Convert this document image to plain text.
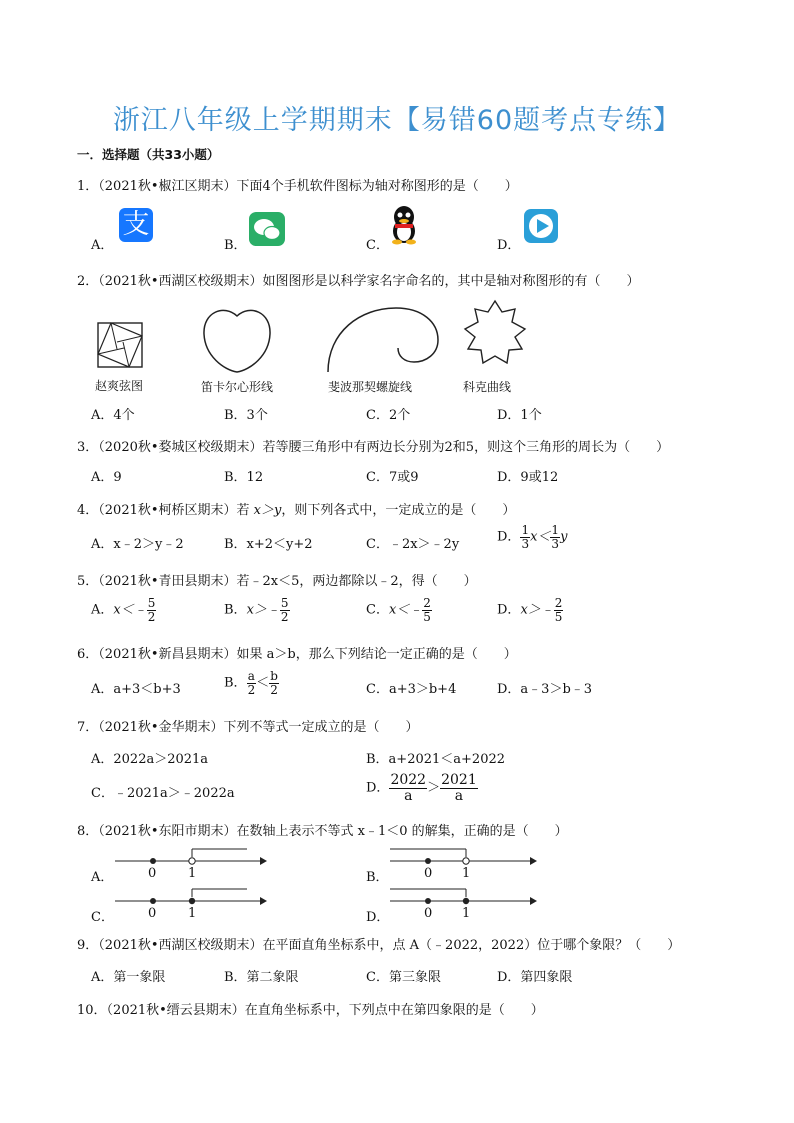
浙江八年级上学期期末【易错60题考点专练】
一．选择题（共33小题）
1．（2021秋•椒江区期末）下面4个手机软件图标为轴对称图形的是（　　）
A．
支
B．	C．	D．
2．（2021秋•西湖区校级期末）如图图形是以科学家名字命名的，其中是轴对称图形的有（　　）
赵爽弦图	笛卡尔心形线	斐波那契螺旋线	科克曲线
A．4个	B．3个	C．2个	D．1个
3．（2020秋•婺城区校级期末）若等腰三角形中有两边长分别为2和5，则这个三角形的周长为（　　）
A．9	B．12	C．7或9	D．9或12
4．（2021秋•柯桥区期末）若 x＞y，则下列各式中，一定成立的是（　　）
A．x﹣2＞y﹣2	B．x+2＜y+2	C．﹣2x＞﹣2y	D． $\frac{1}{3} x< \frac{1}{3}$ y
5．（2021秋•青田县期末）若﹣2x＜5，两边都除以﹣2，得（　　）
A．x＜﹣ $\frac{5}{2}$	B．x＞﹣ $\frac{5}{2}$	C．x＜﹣ $\frac{2}{5}$	D．x＞﹣ $\frac{2}{5}$
6．（2021秋•新昌县期末）如果 a＞b，那么下列结论一定正确的是（　　）
A．a+3＜b+3	B． $\frac{a}{2} < \frac{b}{2}$	C．a+3＞b+4	D．a﹣3＞b﹣3
7．（2021秋•金华期末）下列不等式一定成立的是（　　）
A．2022a＞2021a	B．a+2021＜a+2022
C．﹣2021a＞﹣2022a	D． $\frac{2022}{a} > \frac{2021}{a}$
8．（2021秋•东阳市期末）在数轴上表示不等式 x﹣1＜0 的解集，正确的是（　　）
A．	0 1	B．	0 1
C．	0 1	D．	0 1
9．（2021秋•西湖区校级期末）在平面直角坐标系中，点 A（﹣2022，2022）位于哪个象限？（　　）
A．第一象限	B．第二象限	C．第三象限	D．第四象限
10．（2021秋•缙云县期末）在直角坐标系中，下列点中在第四象限的是（　　）
